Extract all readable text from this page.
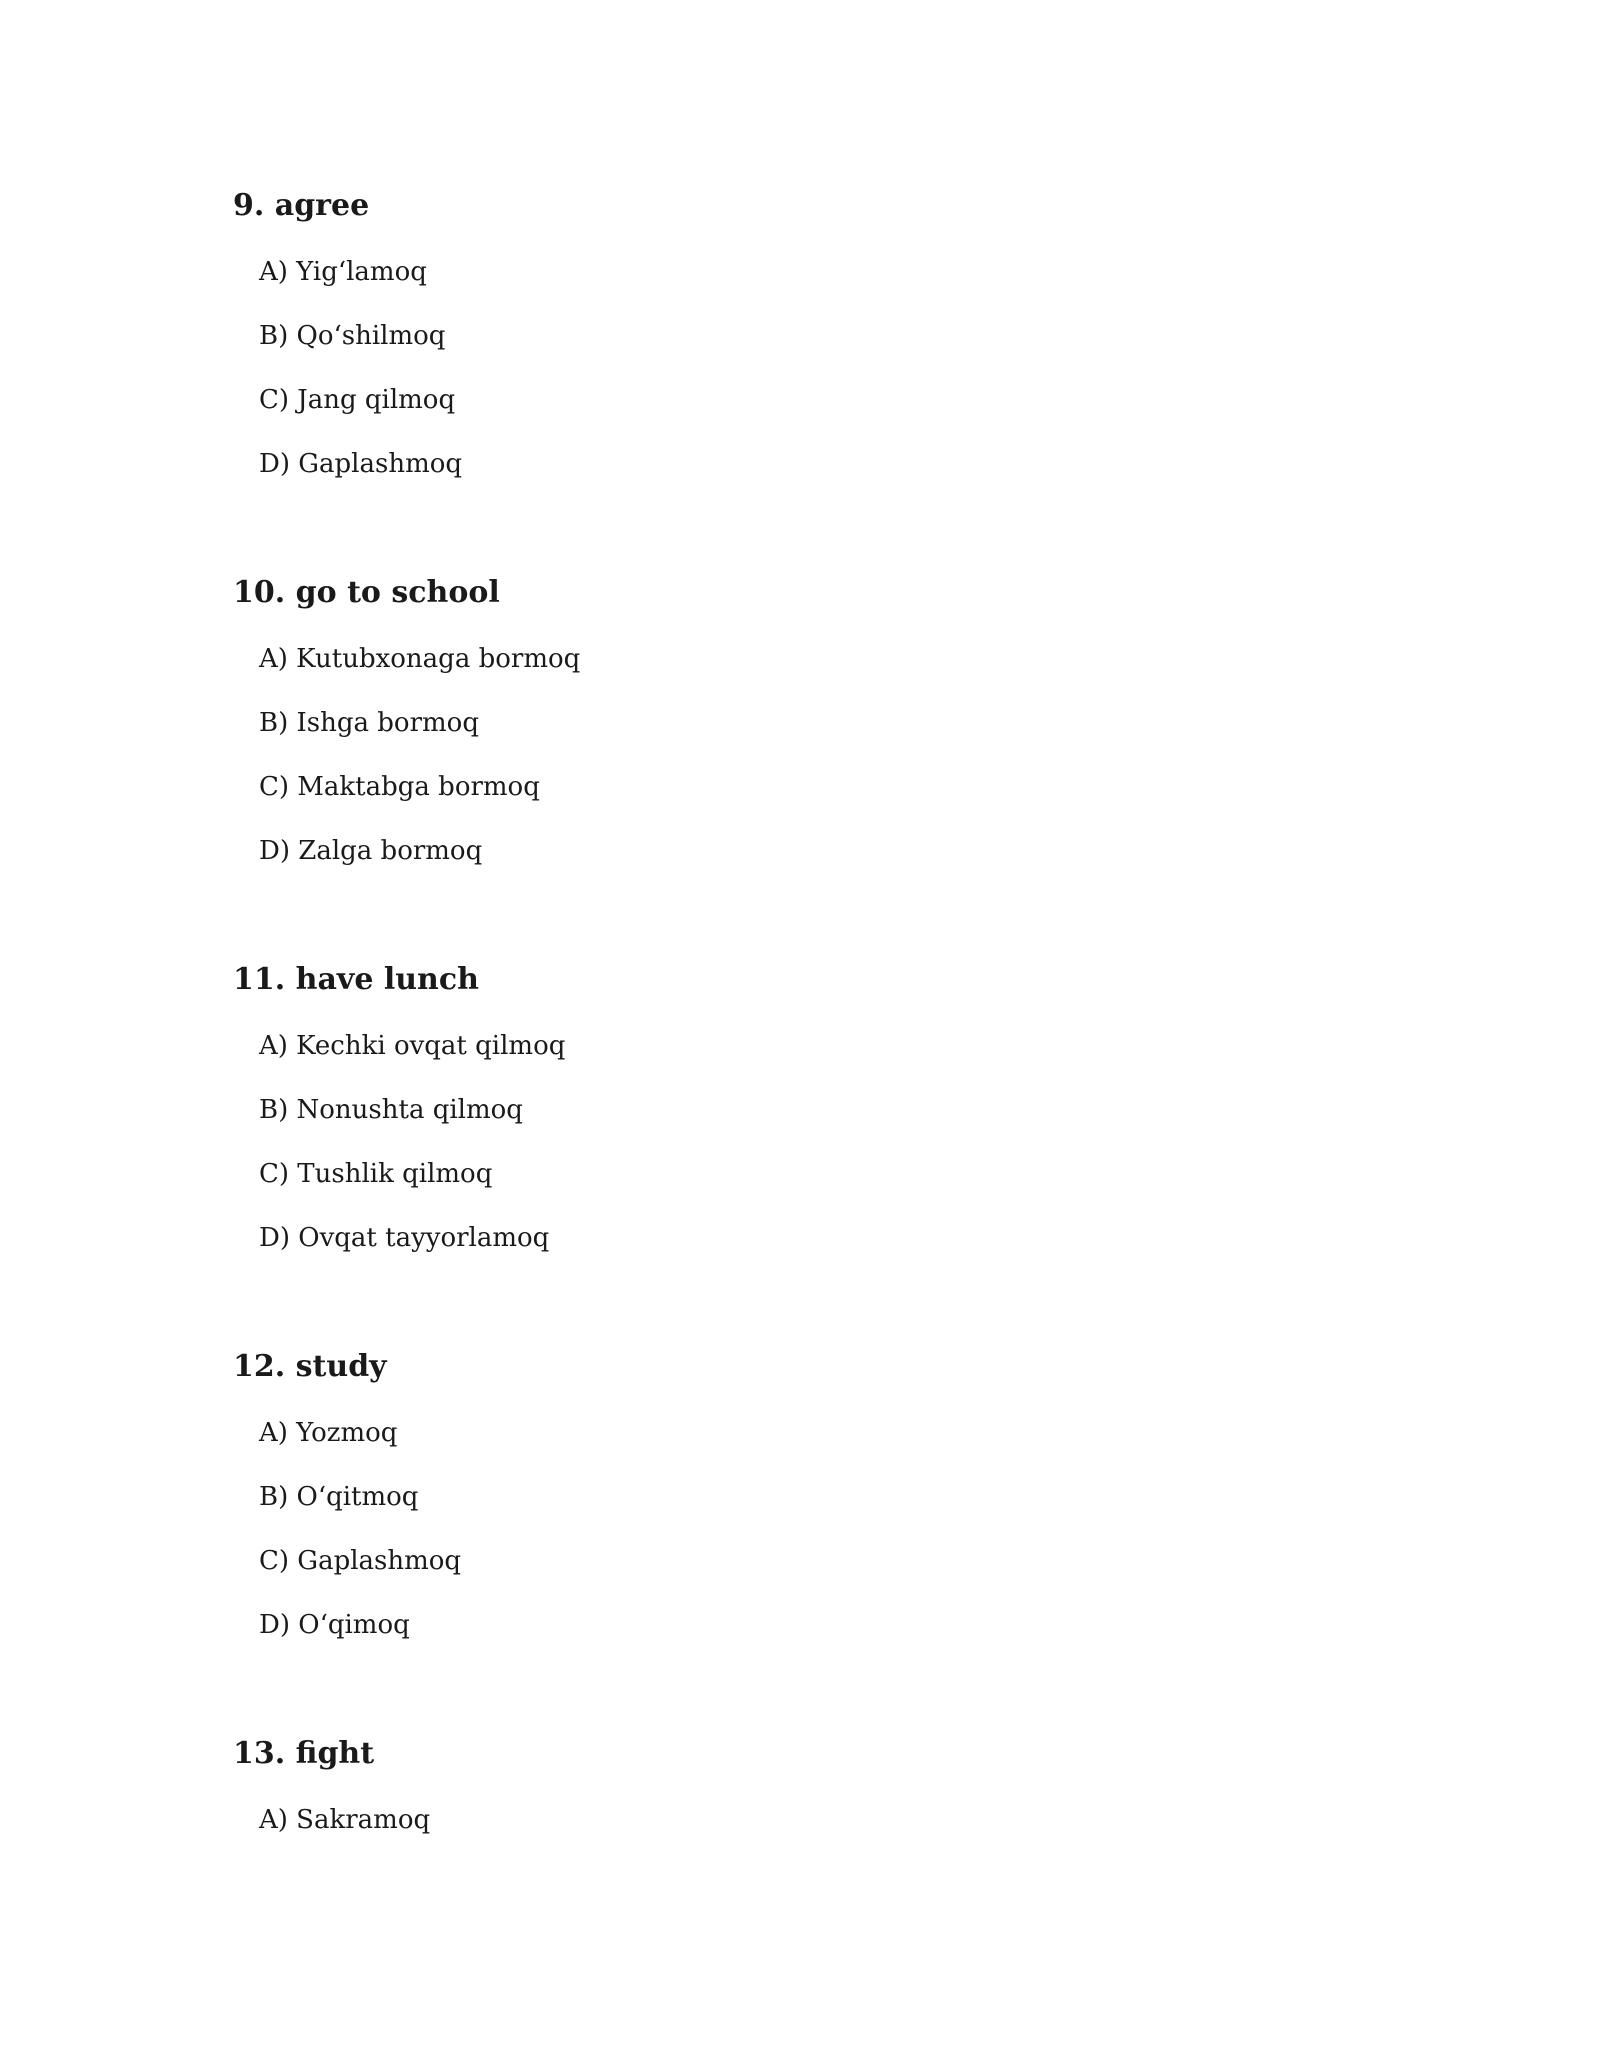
9. agree
A) Yig‘lamoq
B) Qo‘shilmoq
C) Jang qilmoq
D) Gaplashmoq
10. go to school
A) Kutubxonaga bormoq
B) Ishga bormoq
C) Maktabga bormoq
D) Zalga bormoq
11. have lunch
A) Kechki ovqat qilmoq
B) Nonushta qilmoq
C) Tushlik qilmoq
D) Ovqat tayyorlamoq
12. study
A) Yozmoq
B) O‘qitmoq
C) Gaplashmoq
D) O‘qimoq
13. fight
A) Sakramoq
